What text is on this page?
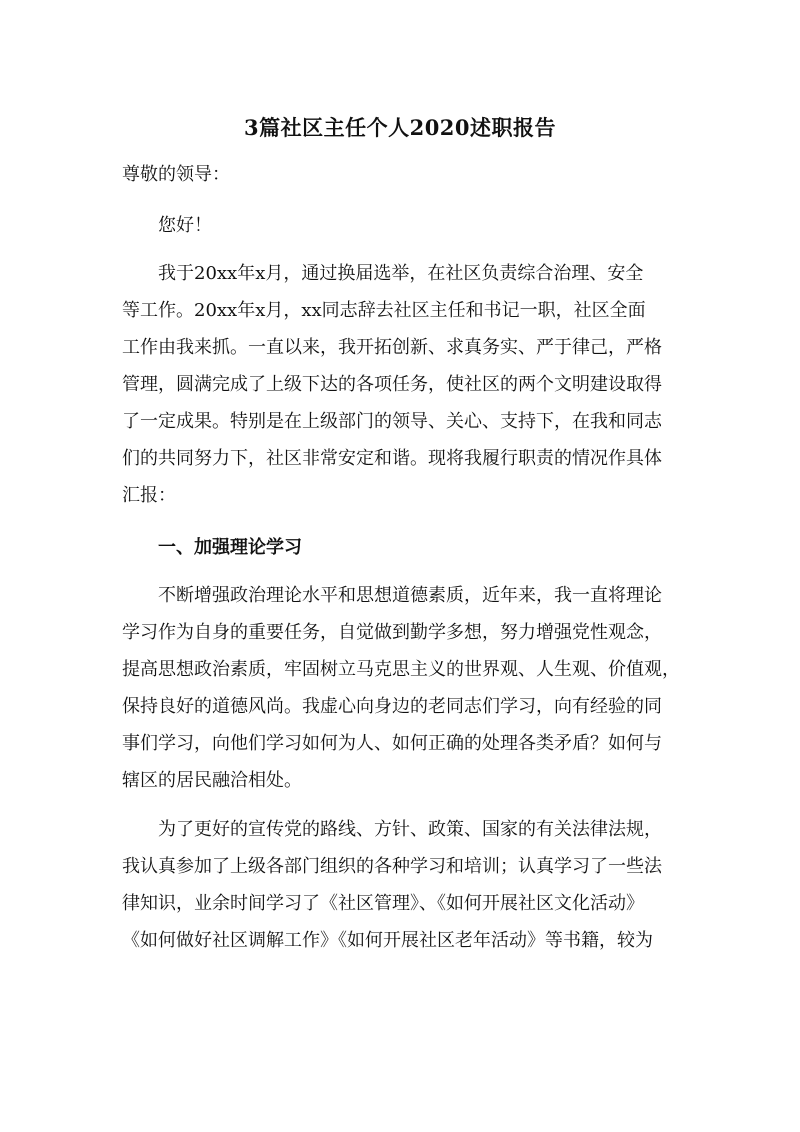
3篇社区主任个人2020述职报告
尊敬的领导：
您好！
我于20xx年x月，通过换届选举，在社区负责综合治理、安全
等工作。20xx年x月，xx同志辞去社区主任和书记一职，社区全面
工作由我来抓。一直以来，我开拓创新、求真务实、严于律己，严格
管理，圆满完成了上级下达的各项任务，使社区的两个文明建设取得
了一定成果。特别是在上级部门的领导、关心、支持下，在我和同志
们的共同努力下，社区非常安定和谐。现将我履行职责的情况作具体
汇报：
一、加强理论学习
不断增强政治理论水平和思想道德素质，近年来，我一直将理论
学习作为自身的重要任务，自觉做到勤学多想，努力增强党性观念，
提高思想政治素质，牢固树立马克思主义的世界观、人生观、价值观，
保持良好的道德风尚。我虚心向身边的老同志们学习，向有经验的同
事们学习，向他们学习如何为人、如何正确的处理各类矛盾？如何与
辖区的居民融洽相处。
为了更好的宣传党的路线、方针、政策、国家的有关法律法规，
我认真参加了上级各部门组织的各种学习和培训；认真学习了一些法
律知识，业余时间学习了《社区管理》、《如何开展社区文化活动》
《如何做好社区调解工作》《如何开展社区老年活动》等书籍，较为
